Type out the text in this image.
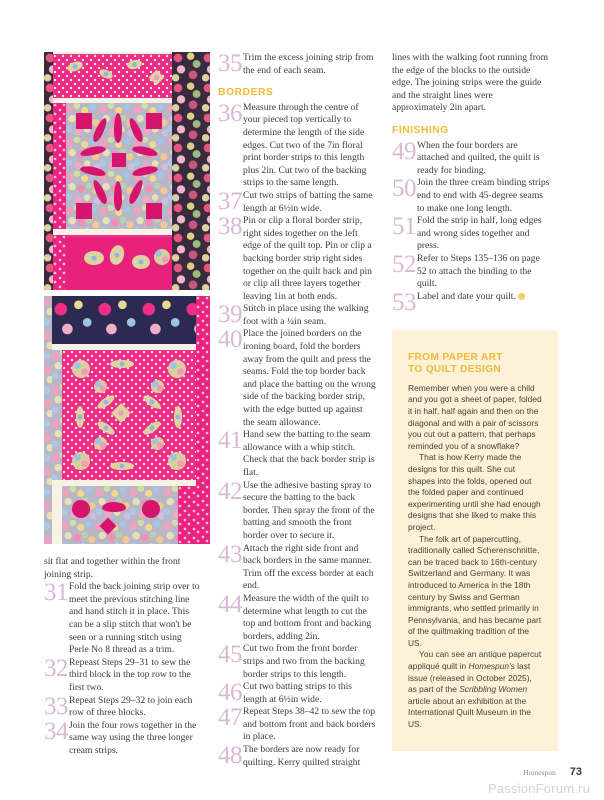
sit flat and together within the front joining strip.

31 Fold the back joining strip over to meet the previous stitching line and hand stitch it in place. This can be a slip stitch that won't be seen or a running stitch using Perle No 8 thread as a trim.
32 Repeast Steps 29–31 to sew the third block in the top row to the first two.
33 Repeat Steps 29–32 to join each row of three blocks.
34 Join the four rows together in the same way using the three longer cream strips.
35 Trim the excess joining strip from the end of each seam.
BORDERS
36 Measure through the centre of your pieced top vertically to determine the length of the side edges. Cut two of the 7in floral print border strips to this length plus 2in. Cut two of the backing strips to the same length.
37 Cut two strips of batting the same length at 6½in wide.
38 Pin or clip a floral border strip, right sides together on the left edge of the quilt top. Pin or clip a backing border strip right sides together on the quilt back and pin or clip all three layers together leaving 1in at both ends.
39 Stitch in place using the walking foot with a ¼in seam.
40 Place the joined borders on the ironing board, fold the borders away from the quilt and press the seams. Fold the top border back and place the batting on the wrong side of the backing border strip, with the edge butted up against the seam allowance.
41 Hand sew the batting to the seam allowance with a whip stitch. Check that the back border strip is flat.
42 Use the adhesive basting spray to secure the batting to the back border. Then spray the front of the batting and smooth the front border over to secure it.
43 Attach the right side front and back borders in the same manner. Trim off the excess border at each end.
44 Measure the width of the quilt to determine what length to cut the top and bottom front and backing borders, adding 2in.
45 Cut two from the front border strips and two from the backing border strips to this length.
46 Cut two batting strips to this length at 6½in wide.
47 Repeat Steps 38–42 to sew the top and bottom front and back borders in place.
48 The borders are now ready for quilting. Kerry quilted straight

lines with the walking foot running from the edge of the blocks to the outside edge. The joining strips were the guide and the straight lines were approximately 2in apart.

FINISHING
49 When the four borders are attached and quilted, the quilt is ready for binding.
50 Join the three cream binding strips end to end with 45-degree seams to make one long length.
51 Fold the strip in half, long edges and wrong sides together and press.
52 Refer to Steps 135–136 on page 52 to attach the binding to the quilt.
53 Label and date your quilt.
FROM PAPER ART
TO QUILT DESIGN

Remember when you were a child and you got a sheet of paper, folded it in half, half again and then on the diagonal and with a pair of scissors you cut out a pattern, that perhaps reminded you of a snowflake?

That is how Kerry made the designs for this quilt. She cut shapes into the folds, opened out the folded paper and continued experimenting until she had enough designs that she liked to make this project.

The folk art of papercutting, traditionally called Scherenschnitte, can be traced back to 16th-century Switzerland and Germany. It was introduced to America in the 18th century by Swiss and German immigrants, who settled primarily in Pennsylvania, and has became part of the quiltmaking tradition of the US.

You can see an antique papercut appliqué quilt in Homespun's last issue (released in October 2025), as part of the Scribbling Women article about an exhibition at the International Quilt Museum in the US.

Homespun 73
PassionForum.ru
